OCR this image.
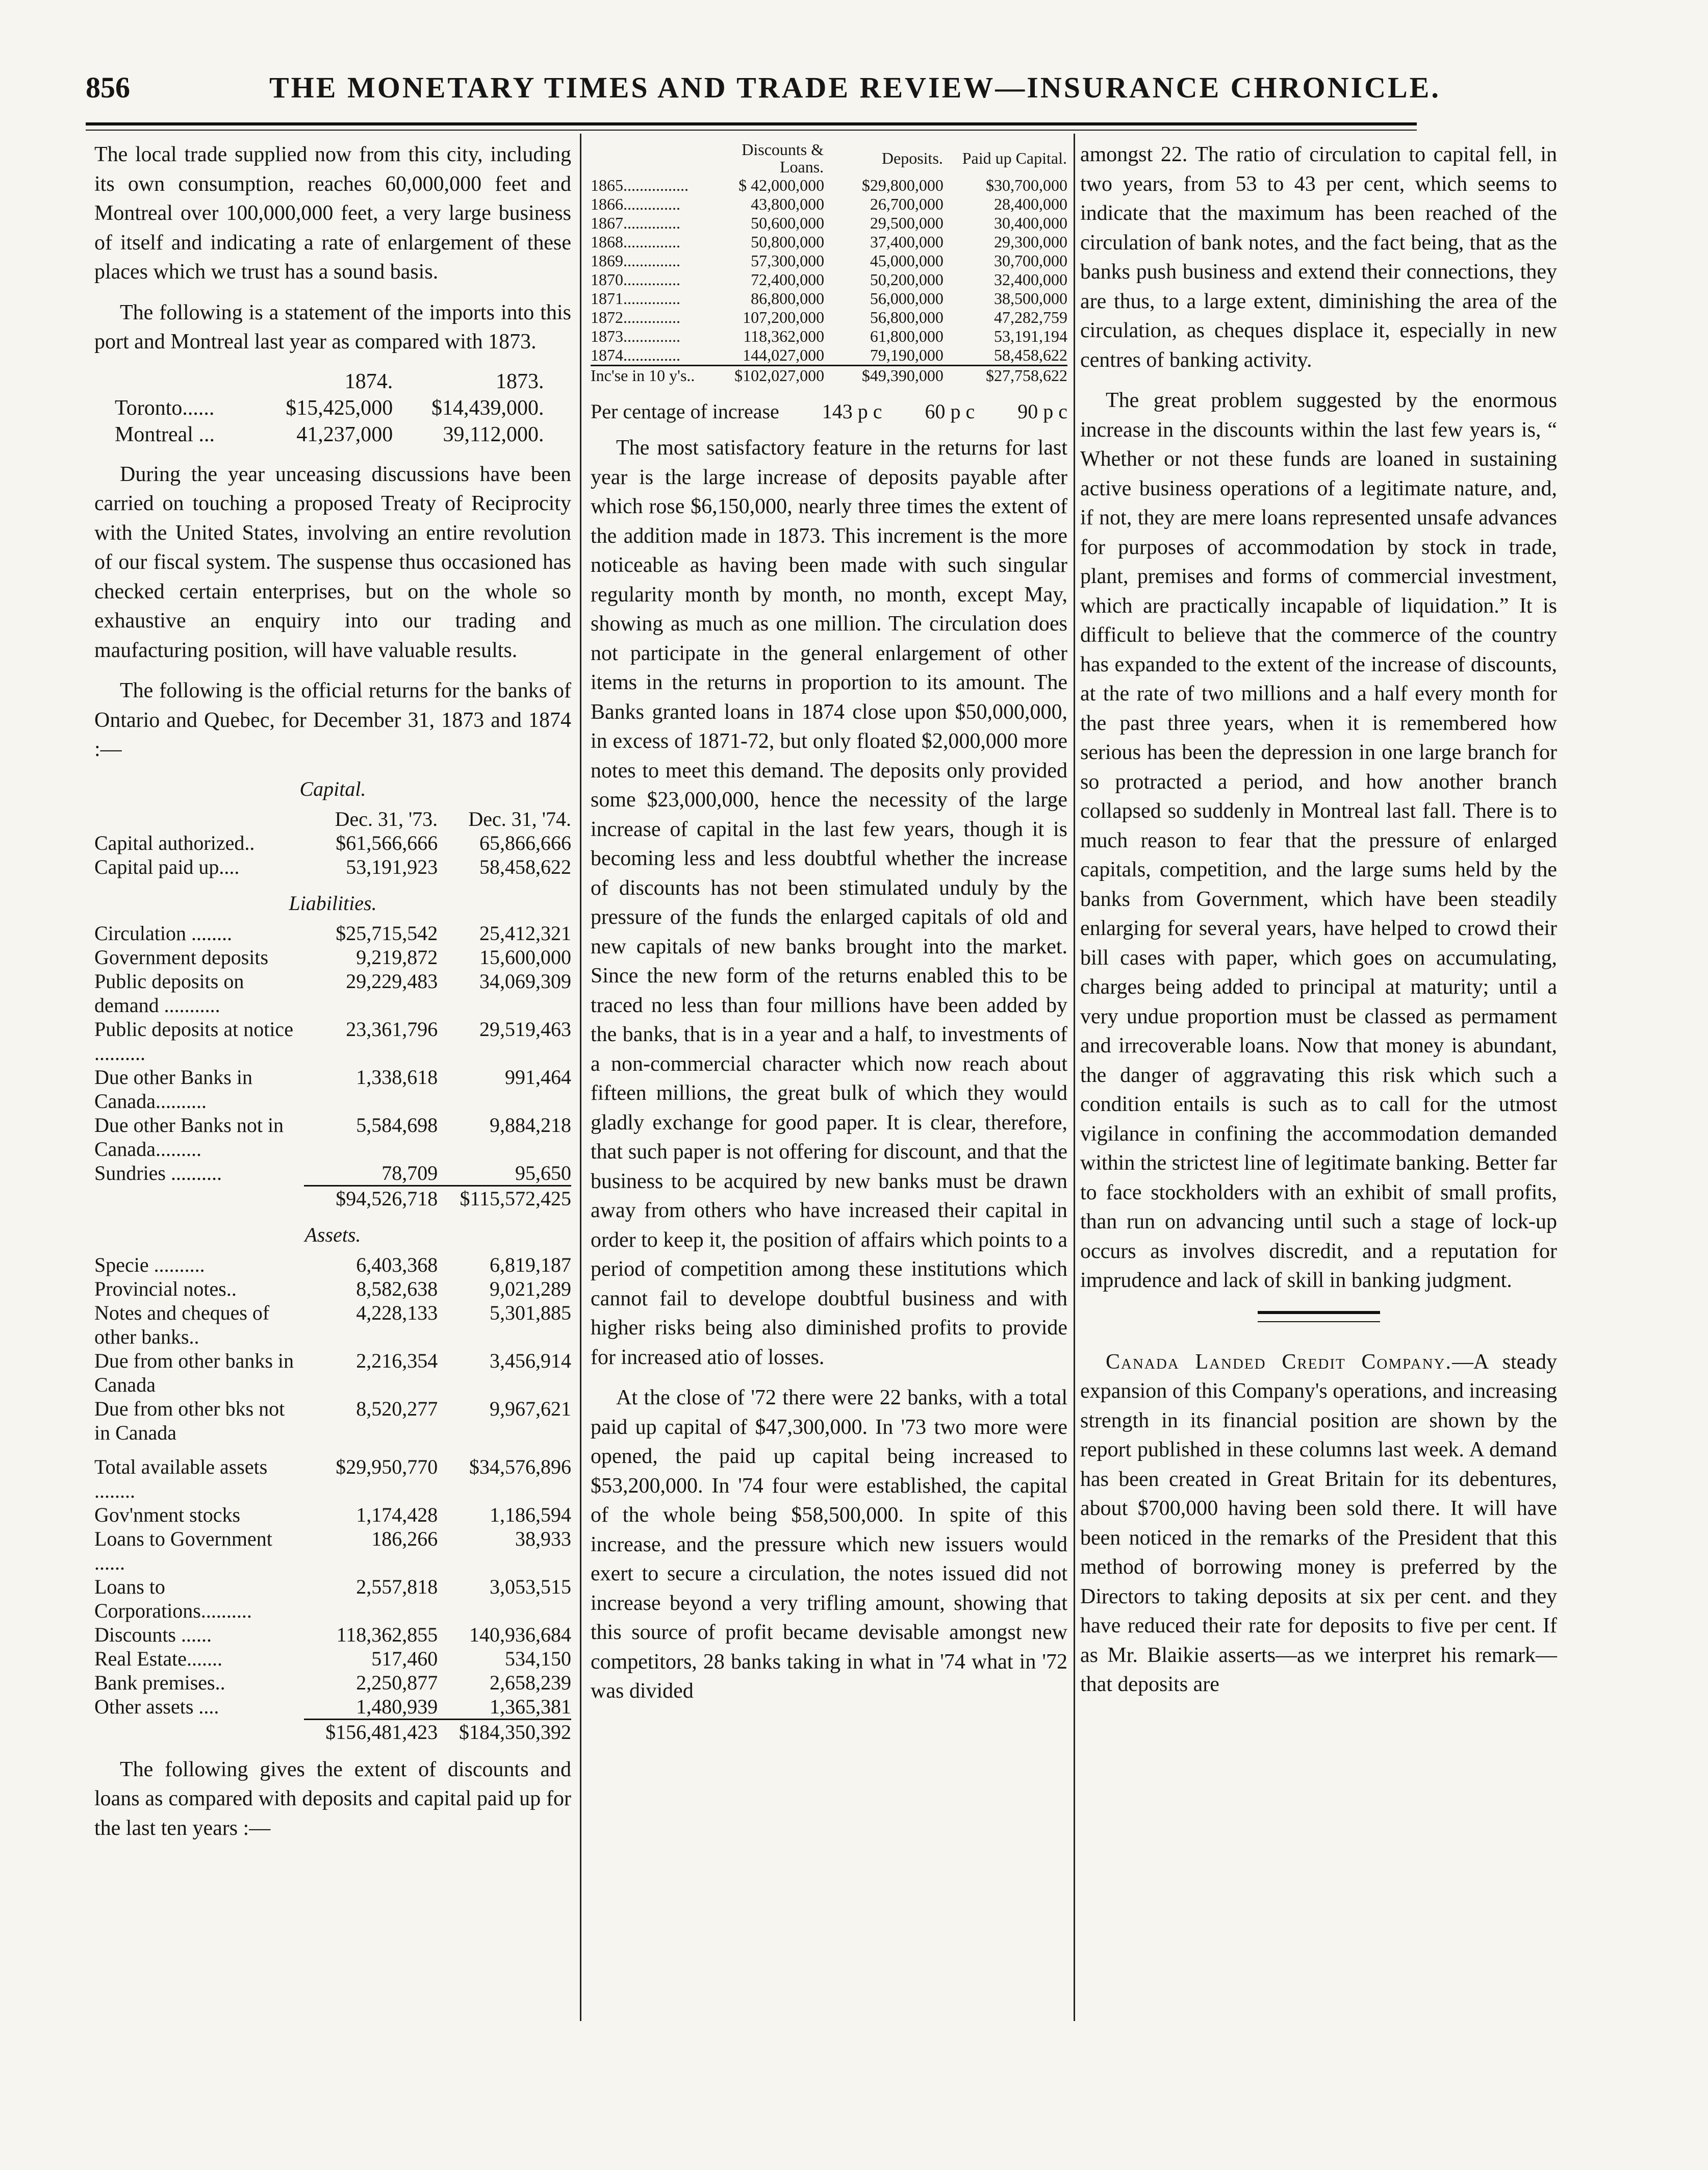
856	THE MONETARY TIMES AND TRADE REVIEW—INSURANCE CHRONICLE.

The local trade supplied now from this city, including its own consumption, reaches 60,000,000 feet and Montreal over 100,000,000 feet, a very large business of itself and indicating a rate of enlargement of these places which we trust has a sound basis.

The following is a statement of the imports into this port and Montreal last year as compared with 1873.

	1874.	1873.
Toronto......	$15,425,000	$14,439,000.
Montreal ...	41,237,000	39,112,000.

During the year unceasing discussions have been carried on touching a proposed Treaty of Reciprocity with the United States, involving an entire revolution of our fiscal system. The suspense thus occasioned has checked certain enterprises, but on the whole so exhaustive an enquiry into our trading and maufacturing position, will have valuable results.

The following is the official returns for the banks of Ontario and Quebec, for December 31, 1873 and 1874 :—

Capital.
	Dec. 31, '73.	Dec. 31, '74.
Capital authorized..	$61,566,666	65,866,666
Capital paid up....	53,191,923	58,458,622
Liabilities.
Circulation ........	$25,715,542	25,412,321
Government deposits	9,219,872	15,600,000
Public deposits on demand ...........	29,229,483	34,069,309
Public deposits at notice ..........	23,361,796	29,519,463
Due other Banks in Canada..........	1,338,618	991,464
Due other Banks not in Canada.........	5,584,698	9,884,218
Sundries ..........	78,709	95,650
	$94,526,718	$115,572,425
Assets.
Specie ..........	6,403,368	6,819,187
Provincial notes..	8,582,638	9,021,289
Notes and cheques of other banks..	4,228,133	5,301,885
Due from other banks in Canada	2,216,354	3,456,914
Due from other bks not in Canada	8,520,277	9,967,621

Total available assets ........	$29,950,770	$34,576,896
Gov'nment stocks	1,174,428	1,186,594
Loans to Government ......	186,266	38,933
Loans to Corporations..........	2,557,818	3,053,515
Discounts ......	118,362,855	140,936,684
Real Estate.......	517,460	534,150
Bank premises..	2,250,877	2,658,239
Other assets ....	1,480,939	1,365,381
	$156,481,423	$184,350,392

The following gives the extent of discounts and loans as compared with deposits and capital paid up for the last ten years :—

	Discounts & Loans.	Deposits.	Paid up Capital.
1865................	$ 42,000,000	$29,800,000	$30,700,000
1866..............	43,800,000	26,700,000	28,400,000
1867..............	50,600,000	29,500,000	30,400,000
1868..............	50,800,000	37,400,000	29,300,000
1869..............	57,300,000	45,000,000	30,700,000
1870..............	72,400,000	50,200,000	32,400,000
1871..............	86,800,000	56,000,000	38,500,000
1872..............	107,200,000	56,800,000	47,282,759
1873..............	118,362,000	61,800,000	53,191,194
1874..............	144,027,000	79,190,000	58,458,622
Inc'se in 10 y's..	$102,027,000	$49,390,000	$27,758,622
Per centage of increase 143 p c 60 p c 90 p c

The most satisfactory feature in the returns for last year is the large increase of deposits payable after which rose $6,150,000, nearly three times the extent of the addition made in 1873. This increment is the more noticeable as having been made with such singular regularity month by month, no month, except May, showing as much as one million. The circulation does not participate in the general enlargement of other items in the returns in proportion to its amount. The Banks granted loans in 1874 close upon $50,000,000, in excess of 1871-72, but only floated $2,000,000 more notes to meet this demand. The deposits only provided some $23,000,000, hence the necessity of the large increase of capital in the last few years, though it is becoming less and less doubtful whether the increase of discounts has not been stimulated unduly by the pressure of the funds the enlarged capitals of old and new capitals of new banks brought into the market. Since the new form of the returns enabled this to be traced no less than four millions have been added by the banks, that is in a year and a half, to investments of a non-commercial character which now reach about fifteen millions, the great bulk of which they would gladly exchange for good paper. It is clear, therefore, that such paper is not offering for discount, and that the business to be acquired by new banks must be drawn away from others who have increased their capital in order to keep it, the position of affairs which points to a period of competition among these institutions which cannot fail to develope doubtful business and with higher risks being also diminished profits to provide for increased atio of losses.

At the close of '72 there were 22 banks, with a total paid up capital of $47,300,000. In '73 two more were opened, the paid up capital being increased to $53,200,000. In '74 four were established, the capital of the whole being $58,500,000. In spite of this increase, and the pressure which new issuers would exert to secure a circulation, the notes issued did not increase beyond a very trifling amount, showing that this source of profit became devisable amongst new competitors, 28 banks taking in what in '74 what in '72 was divided

amongst 22. The ratio of circulation to capital fell, in two years, from 53 to 43 per cent, which seems to indicate that the maximum has been reached of the circulation of bank notes, and the fact being, that as the banks push business and extend their connections, they are thus, to a large extent, diminishing the area of the circulation, as cheques displace it, especially in new centres of banking activity.

The great problem suggested by the enormous increase in the discounts within the last few years is, “ Whether or not these funds are loaned in sustaining active business operations of a legitimate nature, and, if not, they are mere loans represented unsafe advances for purposes of accommodation by stock in trade, plant, premises and forms of commercial investment, which are practically incapable of liquidation.” It is difficult to believe that the commerce of the country has expanded to the extent of the increase of discounts, at the rate of two millions and a half every month for the past three years, when it is remembered how serious has been the depression in one large branch for so protracted a period, and how another branch collapsed so suddenly in Montreal last fall. There is to much reason to fear that the pressure of enlarged capitals, competition, and the large sums held by the banks from Government, which have been steadily enlarging for several years, have helped to crowd their bill cases with paper, which goes on accumulating, charges being added to principal at maturity; until a very undue proportion must be classed as permament and irrecoverable loans. Now that money is abundant, the danger of aggravating this risk which such a condition entails is such as to call for the utmost vigilance in confining the accommodation demanded within the strictest line of legitimate banking. Better far to face stockholders with an exhibit of small profits, than run on advancing until such a stage of lock-up occurs as involves discredit, and a reputation for imprudence and lack of skill in banking judgment.

Canada Landed Credit Company.—A steady expansion of this Company's operations, and increasing strength in its financial position are shown by the report published in these columns last week. A demand has been created in Great Britain for its debentures, about $700,000 having been sold there. It will have been noticed in the remarks of the President that this method of borrowing money is preferred by the Directors to taking deposits at six per cent. and they have reduced their rate for deposits to five per cent. If as Mr. Blaikie asserts—as we interpret his remark—that deposits are
